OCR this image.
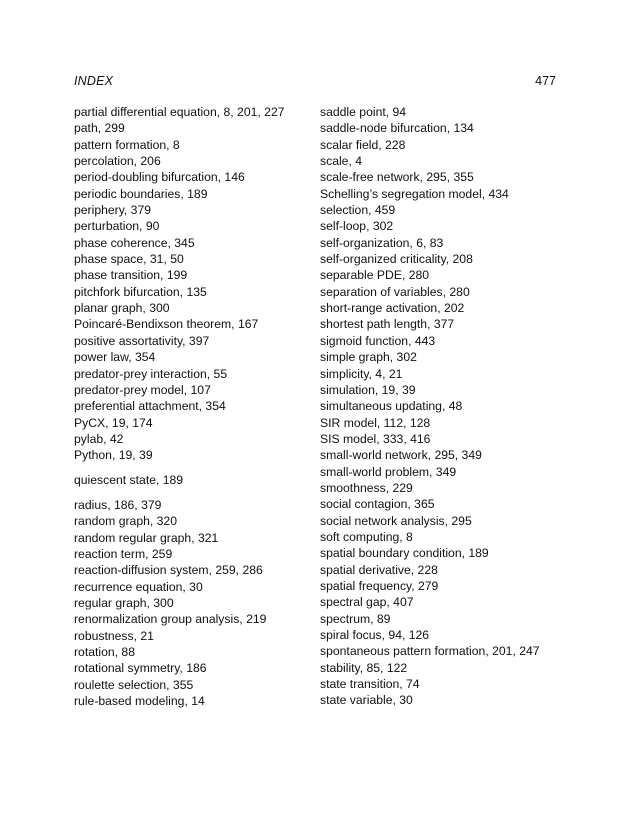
INDEX	477
partial differential equation, 8, 201, 227
path, 299
pattern formation, 8
percolation, 206
period-doubling bifurcation, 146
periodic boundaries, 189
periphery, 379
perturbation, 90
phase coherence, 345
phase space, 31, 50
phase transition, 199
pitchfork bifurcation, 135
planar graph, 300
Poincaré-Bendixson theorem, 167
positive assortativity, 397
power law, 354
predator-prey interaction, 55
predator-prey model, 107
preferential attachment, 354
PyCX, 19, 174
pylab, 42
Python, 19, 39
quiescent state, 189
radius, 186, 379
random graph, 320
random regular graph, 321
reaction term, 259
reaction-diffusion system, 259, 286
recurrence equation, 30
regular graph, 300
renormalization group analysis, 219
robustness, 21
rotation, 88
rotational symmetry, 186
roulette selection, 355
rule-based modeling, 14
saddle point, 94
saddle-node bifurcation, 134
scalar field, 228
scale, 4
scale-free network, 295, 355
Schelling’s segregation model, 434
selection, 459
self-loop, 302
self-organization, 6, 83
self-organized criticality, 208
separable PDE, 280
separation of variables, 280
short-range activation, 202
shortest path length, 377
sigmoid function, 443
simple graph, 302
simplicity, 4, 21
simulation, 19, 39
simultaneous updating, 48
SIR model, 112, 128
SIS model, 333, 416
small-world network, 295, 349
small-world problem, 349
smoothness, 229
social contagion, 365
social network analysis, 295
soft computing, 8
spatial boundary condition, 189
spatial derivative, 228
spatial frequency, 279
spectral gap, 407
spectrum, 89
spiral focus, 94, 126
spontaneous pattern formation, 201, 247
stability, 85, 122
state transition, 74
state variable, 30
